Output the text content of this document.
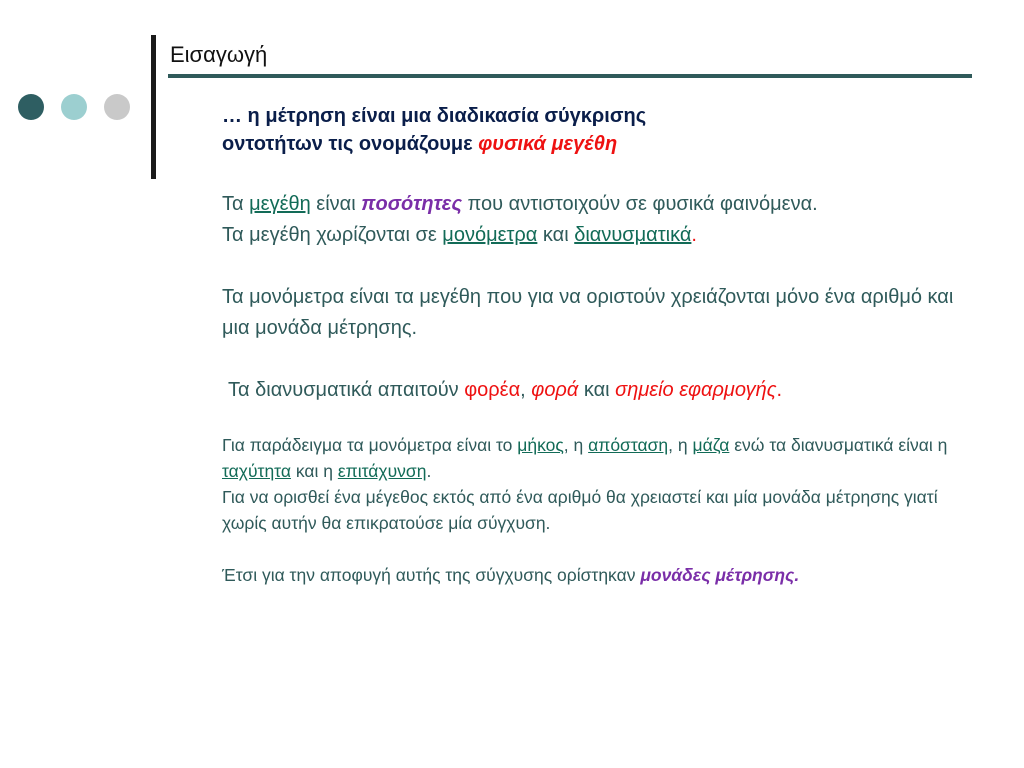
Εισαγωγή

… η μέτρηση είναι μια διαδικασία σύγκρισης
οντοτήτων τις ονομάζουμε φυσικά μεγέθη

Τα μεγέθη είναι ποσότητες που αντιστοιχούν σε φυσικά φαινόμενα.

Τα μεγέθη χωρίζονται σε μονόμετρα και διανυσματικά.

Τα μονόμετρα είναι τα μεγέθη που για να οριστούν χρειάζονται μόνο ένα αριθμό και μια μονάδα μέτρησης.

Τα διανυσματικά απαιτούν φορέα, φορά και σημείο εφαρμογής.

Για παράδειγμα τα μονόμετρα είναι το μήκος, η απόσταση, η μάζα ενώ τα διανυσματικά είναι η ταχύτητα και η επιτάχυνση.

Για να ορισθεί ένα μέγεθος εκτός από ένα αριθμό θα χρειαστεί και μία μονάδα μέτρησης γιατί χωρίς αυτήν θα επικρατούσε μία σύγχυση.

Έτσι για την αποφυγή αυτής της σύγχυσης ορίστηκαν μονάδες μέτρησης.
